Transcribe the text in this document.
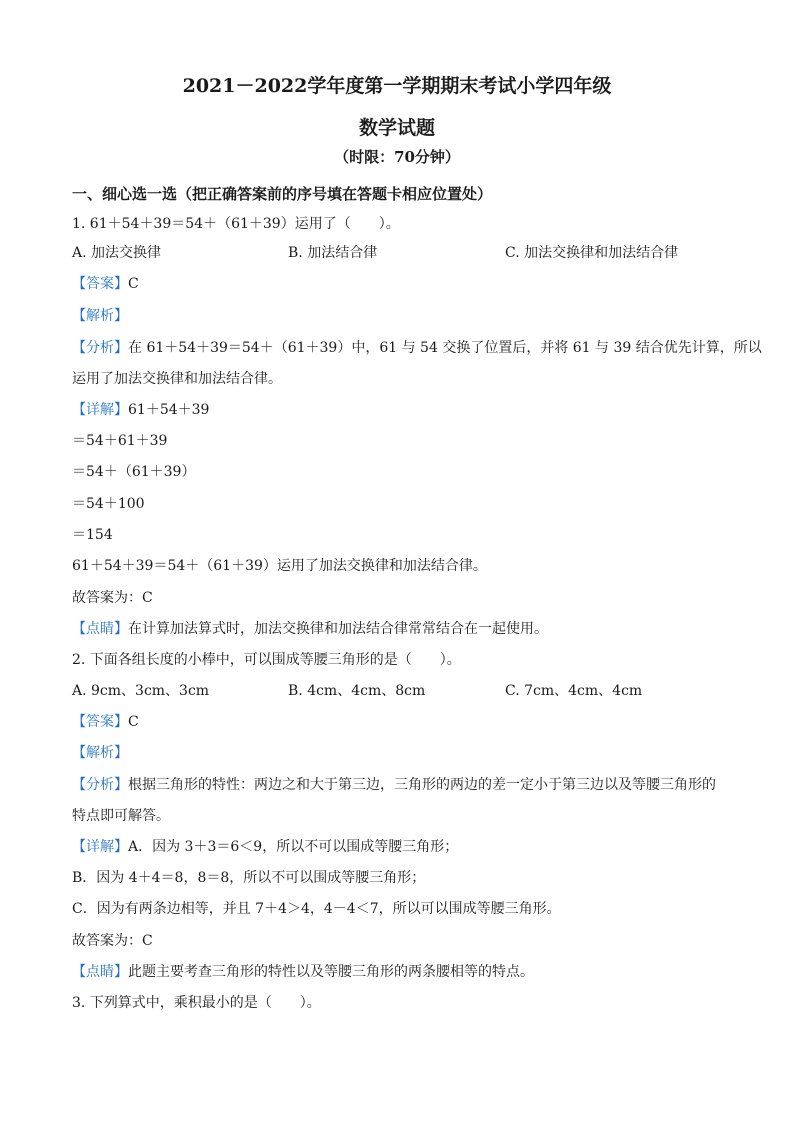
2021－2022学年度第一学期期末考试小学四年级
数学试题
（时限：70分钟）
一、细心选一选（把正确答案前的序号填在答题卡相应位置处）
1. 61＋54＋39＝54＋（61＋39）运用了（　　）。
A. 加法交换律	B. 加法结合律	C. 加法交换律和加法结合律
【答案】C
【解析】
【分析】在 61＋54＋39＝54＋（61＋39）中，61 与 54 交换了位置后，并将 61 与 39 结合优先计算，所以
运用了加法交换律和加法结合律。
【详解】61＋54＋39
＝54＋61＋39
＝54＋（61＋39）
＝54＋100
＝154
61＋54＋39＝54＋（61＋39）运用了加法交换律和加法结合律。
故答案为：C
【点睛】在计算加法算式时，加法交换律和加法结合律常常结合在一起使用。
2. 下面各组长度的小棒中，可以围成等腰三角形的是（　　）。
A. 9cm、3cm、3cm	B. 4cm、4cm、8cm	C. 7cm、4cm、4cm
【答案】C
【解析】
【分析】根据三角形的特性：两边之和大于第三边，三角形的两边的差一定小于第三边以及等腰三角形的
特点即可解答。
【详解】A．因为 3＋3＝6＜9，所以不可以围成等腰三角形；
B．因为 4＋4＝8，8＝8，所以不可以围成等腰三角形；
C．因为有两条边相等，并且 7＋4＞4，4－4＜7，所以可以围成等腰三角形。
故答案为：C
【点睛】此题主要考查三角形的特性以及等腰三角形的两条腰相等的特点。
3. 下列算式中，乘积最小的是（　　）。
